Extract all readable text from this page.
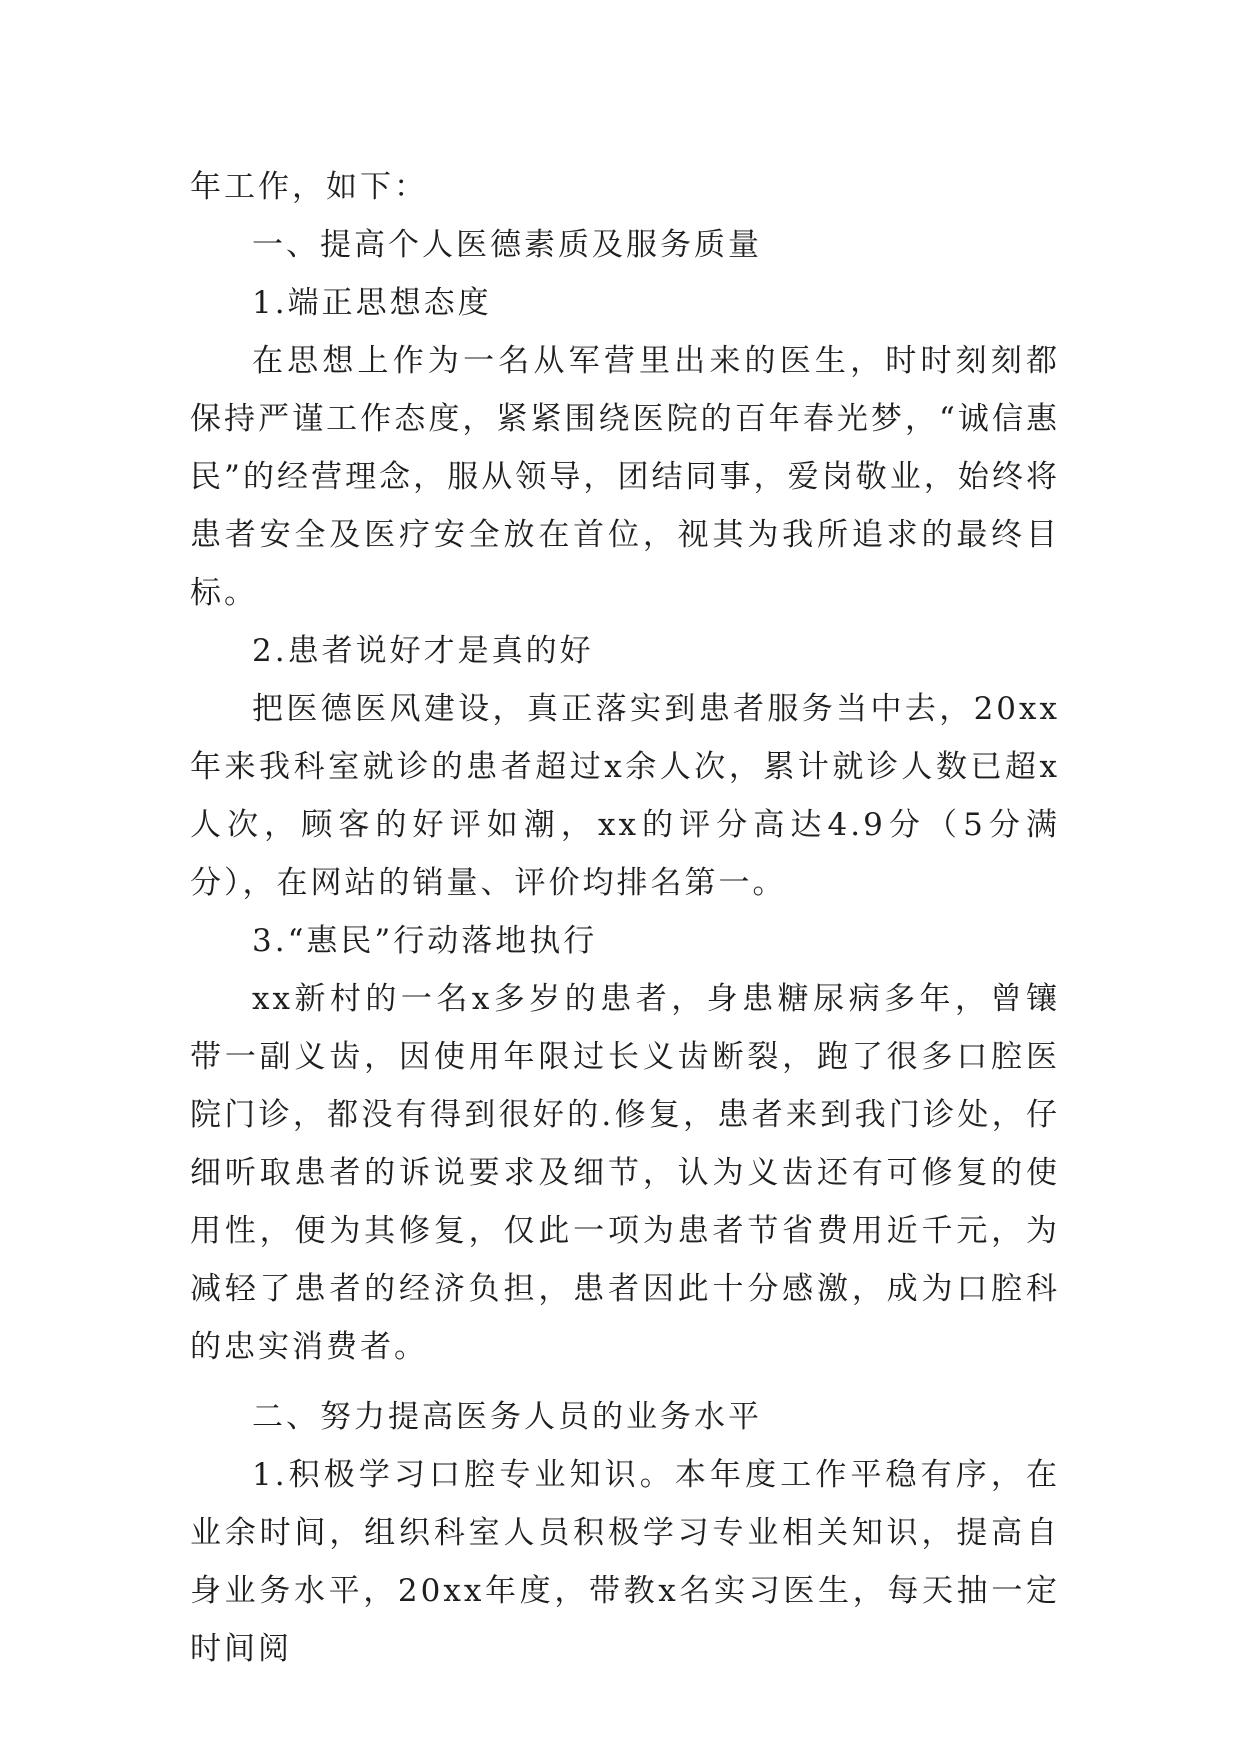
年工作，如下：

一、提高个人医德素质及服务质量

1.端正思想态度

在思想上作为一名从军营里出来的医生，时时刻刻都保持严谨工作态度，紧紧围绕医院的百年春光梦，“诚信惠民”的经营理念，服从领导，团结同事，爱岗敬业，始终将患者安全及医疗安全放在首位，视其为我所追求的最终目标。

2.患者说好才是真的好

把医德医风建设，真正落实到患者服务当中去，20xx年来我科室就诊的患者超过x余人次，累计就诊人数已超x人次，顾客的好评如潮，xx的评分高达4.9分（5分满分），在网站的销量、评价均排名第一。

3.“惠民”行动落地执行

xx新村的一名x多岁的患者，身患糖尿病多年，曾镶带一副义齿，因使用年限过长义齿断裂，跑了很多口腔医院门诊，都没有得到很好的.修复，患者来到我门诊处，仔细听取患者的诉说要求及细节，认为义齿还有可修复的使用性，便为其修复，仅此一项为患者节省费用近千元，为减轻了患者的经济负担，患者因此十分感激，成为口腔科的忠实消费者。

二、努力提高医务人员的业务水平

1.积极学习口腔专业知识。本年度工作平稳有序，在业余时间，组织科室人员积极学习专业相关知识，提高自身业务水平，20xx年度，带教x名实习医生，每天抽一定时间阅
